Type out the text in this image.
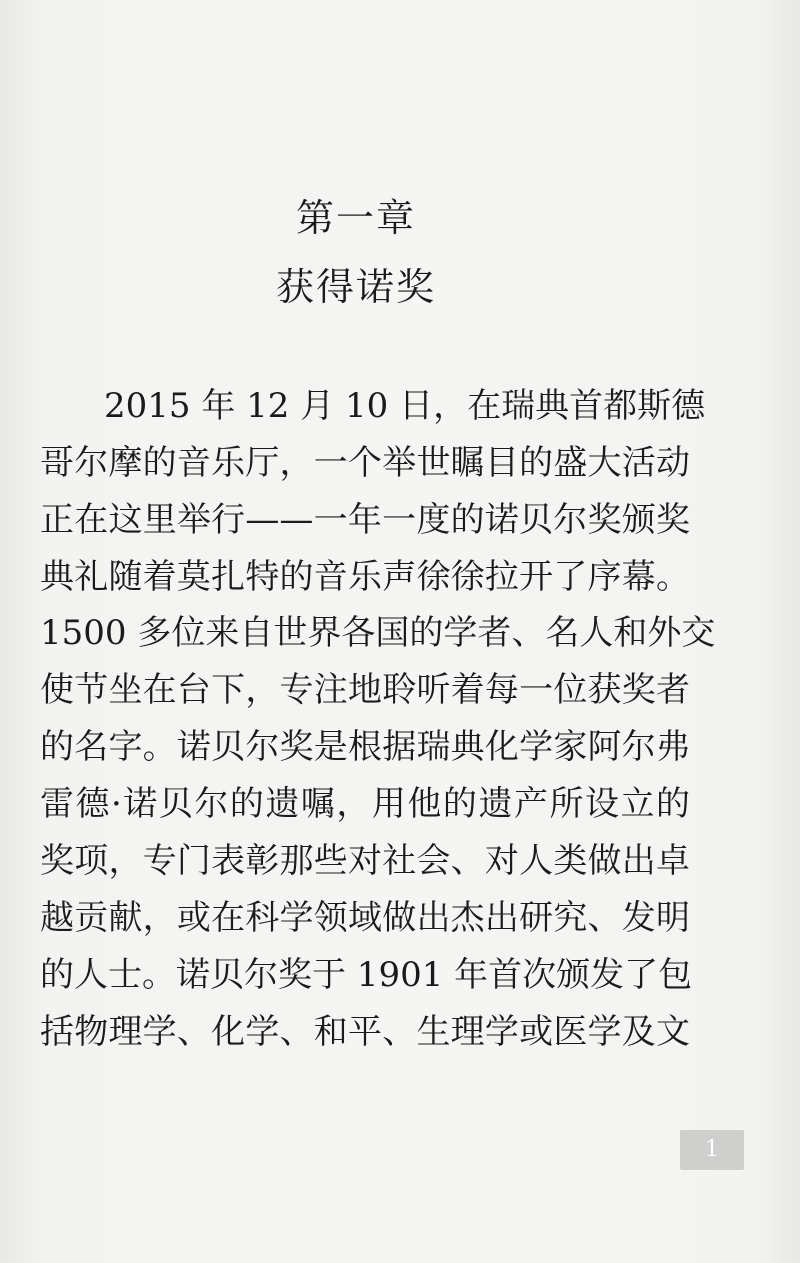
第一章
获得诺奖
2015 年 12 月 10 日，在瑞典首都斯德
哥尔摩的音乐厅，一个举世瞩目的盛大活动
正在这里举行——一年一度的诺贝尔奖颁奖
典礼随着莫扎特的音乐声徐徐拉开了序幕。
1500 多位来自世界各国的学者、名人和外交
使节坐在台下，专注地聆听着每一位获奖者
的名字。诺贝尔奖是根据瑞典化学家阿尔弗
雷德·诺贝尔的遗嘱，用他的遗产所设立的
奖项，专门表彰那些对社会、对人类做出卓
越贡献，或在科学领域做出杰出研究、发明
的人士。诺贝尔奖于 1901 年首次颁发了包
括物理学、化学、和平、生理学或医学及文
1
